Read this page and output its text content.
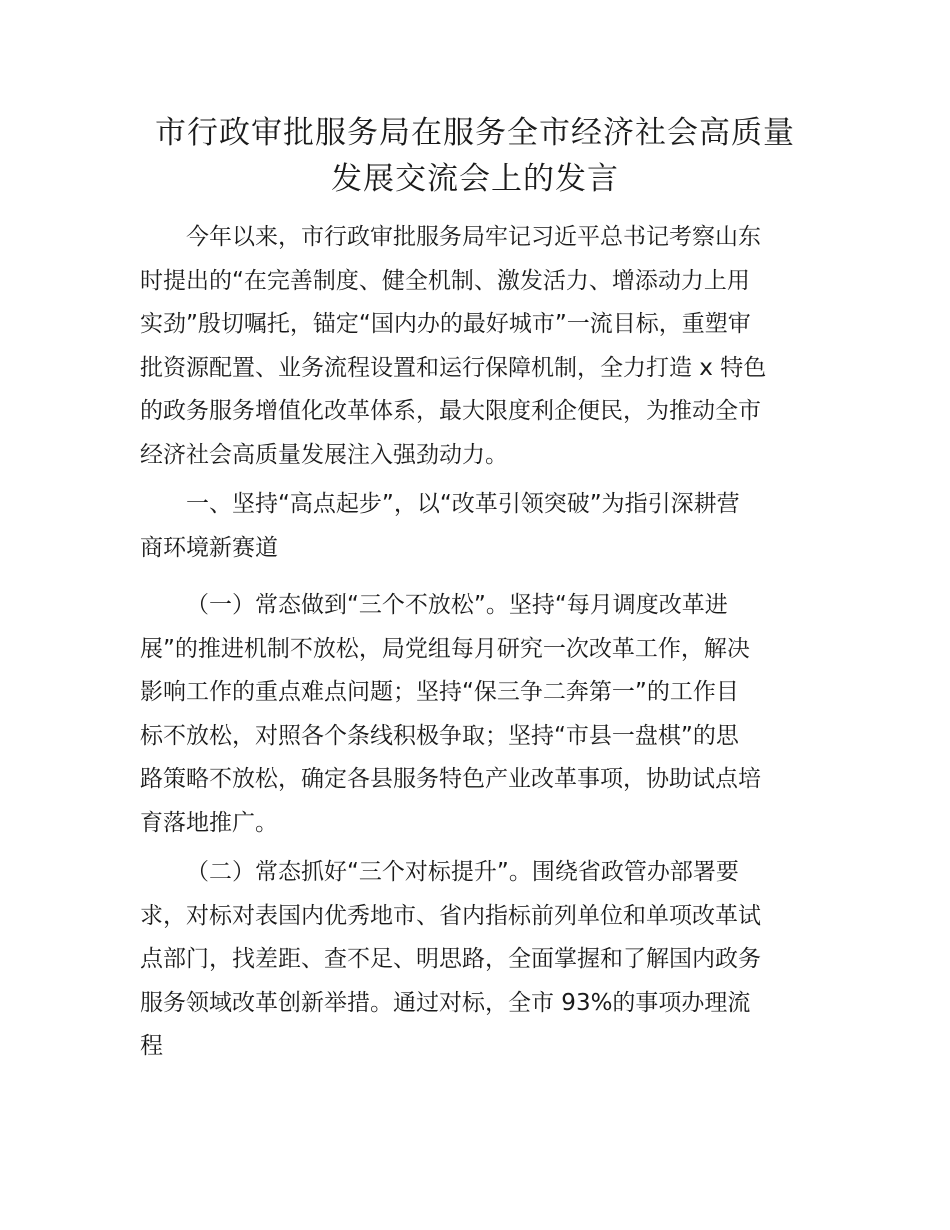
市行政审批服务局在服务全市经济社会高质量
发展交流会上的发言
今年以来，市行政审批服务局牢记习近平总书记考察山东
时提出的“在完善制度、健全机制、激发活力、增添动力上用
实劲”殷切嘱托，锚定“国内办的最好城市”一流目标，重塑审
批资源配置、业务流程设置和运行保障机制，全力打造 x 特色
的政务服务增值化改革体系，最大限度利企便民，为推动全市
经济社会高质量发展注入强劲动力。
一、坚持“高点起步”，以“改革引领突破”为指引深耕营
商环境新赛道
（一）常态做到“三个不放松”。坚持“每月调度改革进
展”的推进机制不放松，局党组每月研究一次改革工作，解决
影响工作的重点难点问题；坚持“保三争二奔第一”的工作目
标不放松，对照各个条线积极争取；坚持“市县一盘棋”的思
路策略不放松，确定各县服务特色产业改革事项，协助试点培
育落地推广。
（二）常态抓好“三个对标提升”。围绕省政管办部署要
求，对标对表国内优秀地市、省内指标前列单位和单项改革试
点部门，找差距、查不足、明思路，全面掌握和了解国内政务
服务领域改革创新举措。通过对标，全市 93%的事项办理流
程
